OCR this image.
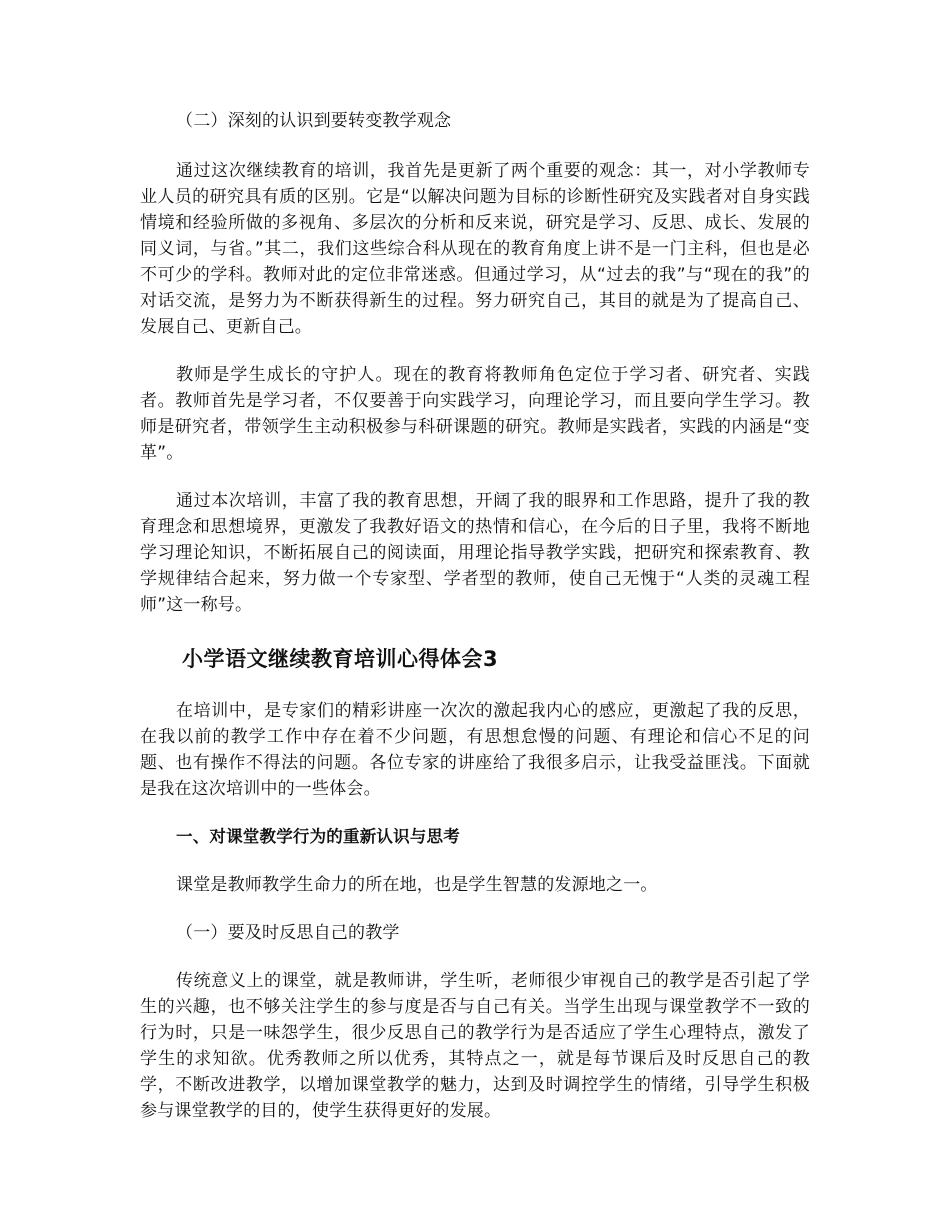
（二）深刻的认识到要转变教学观念

通过这次继续教育的培训，我首先是更新了两个重要的观念：其一，对小学教师专业人员的研究具有质的区别。它是“以解决问题为目标的诊断性研究及实践者对自身实践情境和经验所做的多视角、多层次的分析和反来说，研究是学习、反思、成长、发展的同义词，与省。”其二，我们这些综合科从现在的教育角度上讲不是一门主科，但也是必不可少的学科。教师对此的定位非常迷惑。但通过学习，从“过去的我”与“现在的我”的对话交流，是努力为不断获得新生的过程。努力研究自己，其目的就是为了提高自己、发展自己、更新自己。

教师是学生成长的守护人。现在的教育将教师角色定位于学习者、研究者、实践者。教师首先是学习者，不仅要善于向实践学习，向理论学习，而且要向学生学习。教师是研究者，带领学生主动积极参与科研课题的研究。教师是实践者，实践的内涵是“变革”。

通过本次培训，丰富了我的教育思想，开阔了我的眼界和工作思路，提升了我的教育理念和思想境界，更激发了我教好语文的热情和信心，在今后的日子里，我将不断地学习理论知识，不断拓展自己的阅读面，用理论指导教学实践，把研究和探索教育、教学规律结合起来，努力做一个专家型、学者型的教师，使自己无愧于“人类的灵魂工程师”这一称号。

小学语文继续教育培训心得体会3

在培训中，是专家们的精彩讲座一次次的激起我内心的感应，更激起了我的反思，在我以前的教学工作中存在着不少问题，有思想怠慢的问题、有理论和信心不足的问题、也有操作不得法的问题。各位专家的讲座给了我很多启示，让我受益匪浅。下面就是我在这次培训中的一些体会。

一、对课堂教学行为的重新认识与思考

课堂是教师教学生命力的所在地，也是学生智慧的发源地之一。

（一）要及时反思自己的教学

传统意义上的课堂，就是教师讲，学生听，老师很少审视自己的教学是否引起了学生的兴趣，也不够关注学生的参与度是否与自己有关。当学生出现与课堂教学不一致的行为时，只是一味怨学生，很少反思自己的教学行为是否适应了学生心理特点，激发了学生的求知欲。优秀教师之所以优秀，其特点之一，就是每节课后及时反思自己的教学，不断改进教学，以增加课堂教学的魅力，达到及时调控学生的情绪，引导学生积极参与课堂教学的目的，使学生获得更好的发展。
